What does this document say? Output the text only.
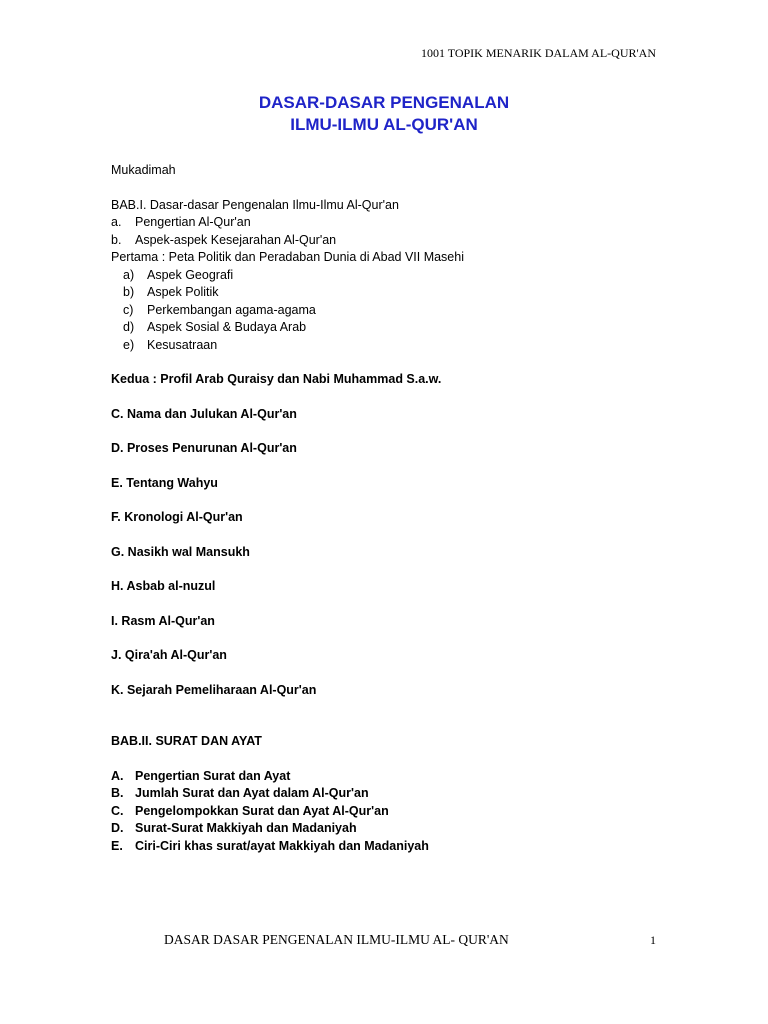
1001 TOPIK MENARIK DALAM AL-QUR'AN
DASAR-DASAR PENGENALAN
ILMU-ILMU AL-QUR'AN
Mukadimah
BAB.I. Dasar-dasar Pengenalan Ilmu-Ilmu Al-Qur'an
a. Pengertian Al-Qur'an
b. Aspek-aspek Kesejarahan Al-Qur'an
Pertama : Peta Politik dan Peradaban Dunia di Abad VII Masehi
a) Aspek Geografi
b) Aspek Politik
c) Perkembangan agama-agama
d) Aspek Sosial & Budaya Arab
e) Kesusatraan
Kedua : Profil Arab Quraisy dan Nabi Muhammad S.a.w.
C. Nama dan Julukan Al-Qur'an
D. Proses Penurunan Al-Qur'an
E. Tentang Wahyu
F. Kronologi Al-Qur'an
G. Nasikh wal Mansukh
H. Asbab al-nuzul
I. Rasm Al-Qur'an
J. Qira'ah Al-Qur'an
K. Sejarah Pemeliharaan Al-Qur'an
BAB.II. SURAT DAN AYAT
A. Pengertian Surat dan Ayat
B. Jumlah Surat dan Ayat dalam Al-Qur'an
C. Pengelompokkan Surat dan Ayat Al-Qur'an
D. Surat-Surat Makkiyah dan Madaniyah
E. Ciri-Ciri khas surat/ayat Makkiyah dan Madaniyah
DASAR DASAR PENGENALAN ILMU-ILMU AL- QUR'AN	1
